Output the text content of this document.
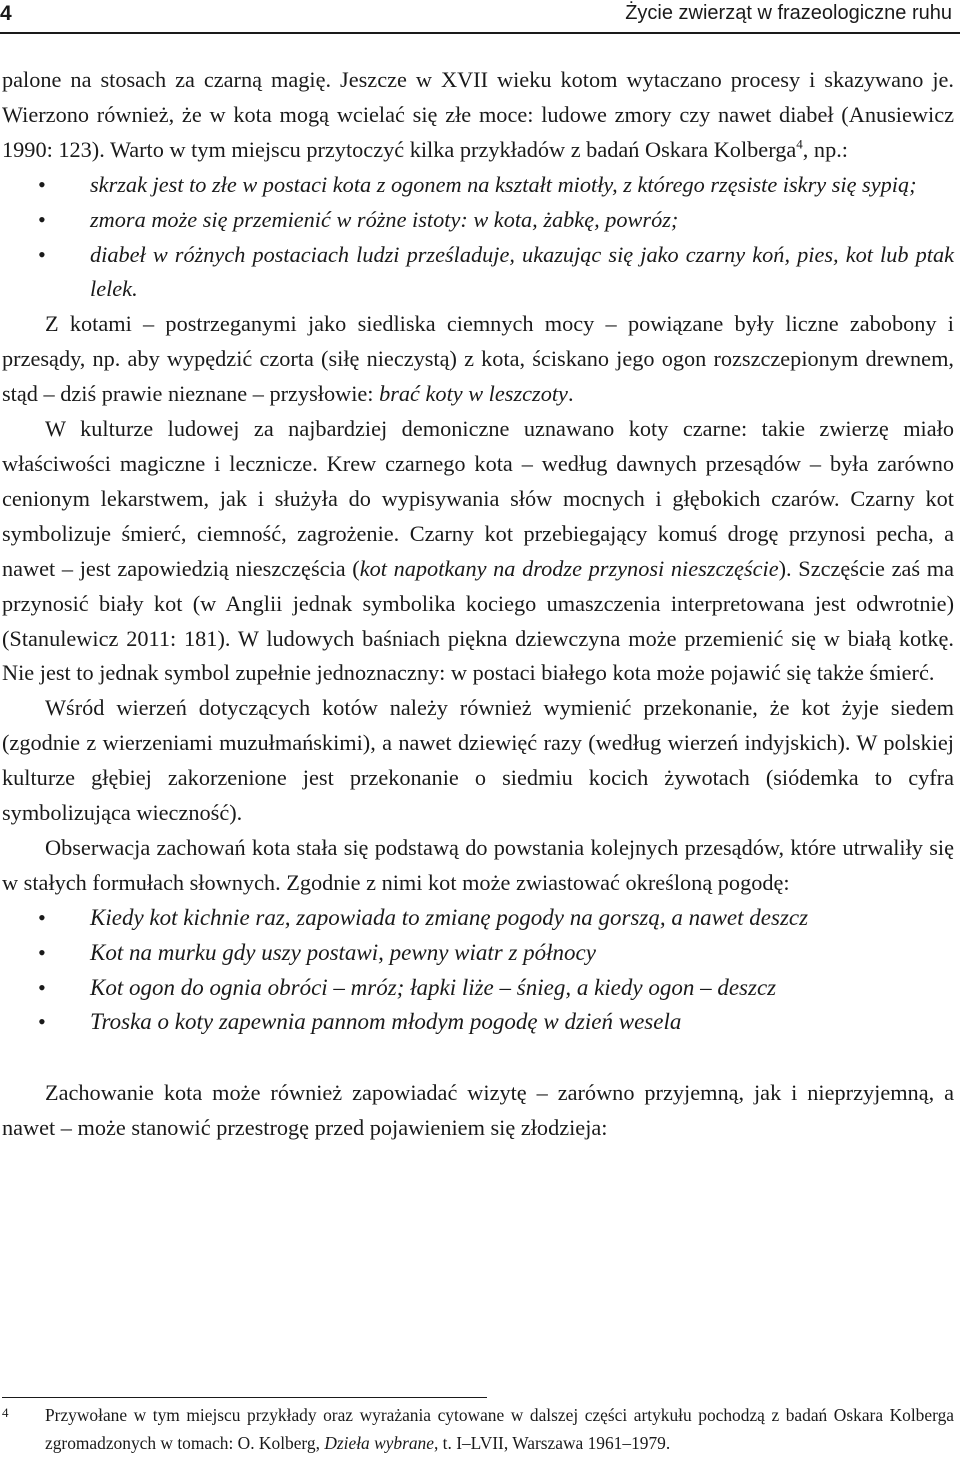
4	Życie zwierząt w frazeologiczne ruhu

palone na stosach za czarną magię. Jeszcze w XVII wieku kotom wytaczano procesy i skazywano je. Wierzono również, że w kota mogą wcielać się złe moce: ludowe zmory czy nawet diabeł (Anusiewicz 1990: 123). Warto w tym miejscu przytoczyć kilka przykładów z badań Oskara Kolberga$^4$, np.:

• skrzak jest to złe w postaci kota z ogonem na kształt miotły, z którego rzęsiste iskry się sypią;
• zmora może się przemienić w różne istoty: w kota, żabkę, powróz;
• diabeł w różnych postaciach ludzi prześladuje, ukazując się jako czarny koń, pies, kot lub ptak lelek.

Z kotami – postrzeganymi jako siedliska ciemnych mocy – powiązane były liczne zabobony i przesądy, np. aby wypędzić czorta (siłę nieczystą) z kota, ściskano jego ogon rozszczepionym drewnem, stąd – dziś prawie nieznane – przysłowie: brać koty w leszczoty.

W kulturze ludowej za najbardziej demoniczne uznawano koty czarne: takie zwierzę miało właściwości magiczne i lecznicze. Krew czarnego kota – według dawnych przesądów – była zarówno cenionym lekarstwem, jak i służyła do wypisywania słów mocnych i głębokich czarów. Czarny kot symbolizuje śmierć, ciemność, zagrożenie. Czarny kot przebiegający komuś drogę przynosi pecha, a nawet – jest zapowiedzią nieszczęścia (kot napotkany na drodze przynosi nieszczęście). Szczęście zaś ma przynosić biały kot (w Anglii jednak symbolika kociego umaszczenia interpretowana jest odwrotnie) (Stanulewicz 2011: 181). W ludowych baśniach piękna dziewczyna może przemienić się w białą kotkę. Nie jest to jednak symbol zupełnie jednoznaczny: w postaci białego kota może pojawić się także śmierć.

Wśród wierzeń dotyczących kotów należy również wymienić przekonanie, że kot żyje siedem (zgodnie z wierzeniami muzułmańskimi), a nawet dziewięć razy (według wierzeń indyjskich). W polskiej kulturze głębiej zakorzenione jest przekonanie o siedmiu kocich żywotach (siódemka to cyfra symbolizująca wieczność).

Obserwacja zachowań kota stała się podstawą do powstania kolejnych przesądów, które utrwaliły się w stałych formułach słownych. Zgodnie z nimi kot może zwiastować określoną pogodę:

• Kiedy kot kichnie raz, zapowiada to zmianę pogody na gorszą, a nawet deszcz
• Kot na murku gdy uszy postawi, pewny wiatr z północy
• Kot ogon do ognia obróci – mróz; łapki liże – śnieg, a kiedy ogon – deszcz
• Troska o koty zapewnia pannom młodym pogodę w dzień wesela

Zachowanie kota może również zapowiadać wizytę – zarówno przyjemną, jak i nieprzyjemną, a nawet – może stanowić przestrogę przed pojawieniem się złodzieja:

4 Przywołane w tym miejscu przykłady oraz wyrażania cytowane w dalszej części artykułu pochodzą z badań Oskara Kolberga zgromadzonych w tomach: O. Kolberg, Dzieła wybrane, t. I–LVII, Warszawa 1961–1979.
